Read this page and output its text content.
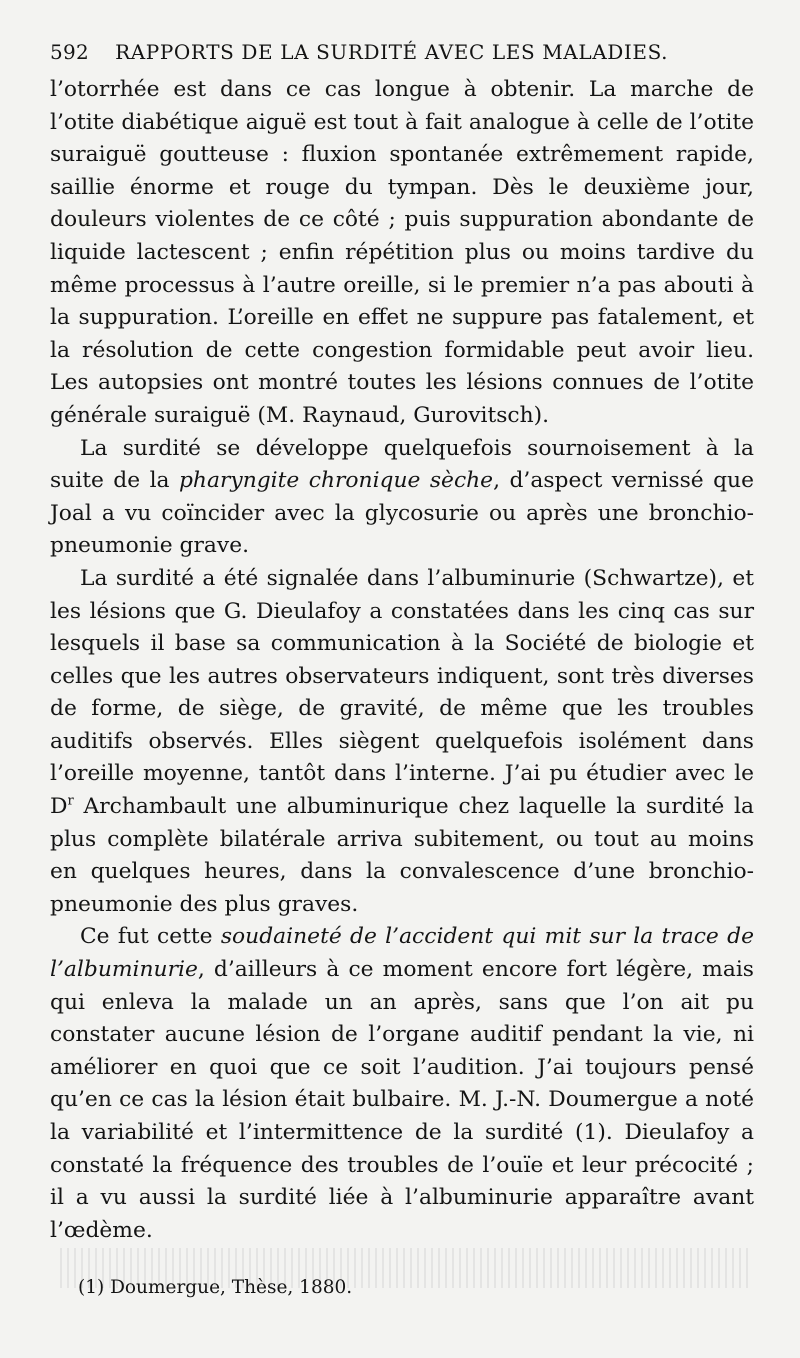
592 RAPPORTS DE LA SURDITÉ AVEC LES MALADIES.

l’otorrhée est dans ce cas longue à obtenir. La marche de l’otite diabétique aiguë est tout à fait analogue à celle de l’otite suraiguë goutteuse : fluxion spontanée extrêmement rapide, saillie énorme et rouge du tympan. Dès le deuxième jour, douleurs violentes de ce côté ; puis suppuration abondante de liquide lactescent ; enfin répétition plus ou moins tardive du même processus à l’autre oreille, si le premier n’a pas abouti à la suppuration. L’oreille en effet ne suppure pas fatalement, et la résolution de cette congestion formidable peut avoir lieu. Les autopsies ont montré toutes les lésions connues de l’otite générale suraiguë (M. Raynaud, Gurovitsch).

La surdité se développe quelquefois sournoisement à la suite de la pharyngite chronique sèche, d’aspect vernissé que Joal a vu coïncider avec la glycosurie ou après une bronchio-pneumonie grave.

La surdité a été signalée dans l’albuminurie (Schwartze), et les lésions que G. Dieulafoy a constatées dans les cinq cas sur lesquels il base sa communication à la Société de biologie et celles que les autres observateurs indiquent, sont très diverses de forme, de siège, de gravité, de même que les troubles auditifs observés. Elles siègent quelquefois isolément dans l’oreille moyenne, tantôt dans l’interne. J’ai pu étudier avec le $D^r$ Archambault une albuminurique chez laquelle la surdité la plus complète bilatérale arriva subitement, ou tout au moins en quelques heures, dans la convalescence d’une bronchio-pneumonie des plus graves.

Ce fut cette soudaineté de l’accident qui mit sur la trace de l’albuminurie, d’ailleurs à ce moment encore fort légère, mais qui enleva la malade un an après, sans que l’on ait pu constater aucune lésion de l’organe auditif pendant la vie, ni améliorer en quoi que ce soit l’audition. J’ai toujours pensé qu’en ce cas la lésion était bulbaire. M. J.-N. Doumergue a noté la variabilité et l’intermittence de la surdité (1). Dieulafoy a constaté la fréquence des troubles de l’ouïe et leur précocité ; il a vu aussi la surdité liée à l’albuminurie apparaître avant l’œdème.

(1) Doumergue, Thèse, 1880.
